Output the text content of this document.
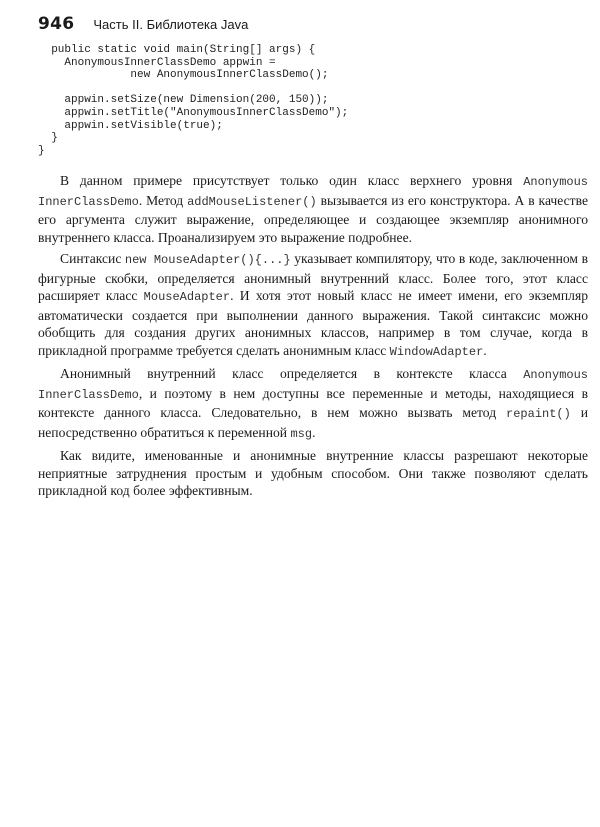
946 Часть II. Библиотека Java
public static void main(String[] args) {
AnonymousInnerClassDemo appwin =
new AnonymousInnerClassDemo();

appwin.setSize(new Dimension(200, 150));
appwin.setTitle("AnonymousInnerClassDemo");
appwin.setVisible(true);
}
}

В данном примере присутствует только один класс верхнего уровня Anonymous InnerClassDemo. Метод addMouseListener() вызывается из его конструктора. А в качестве его аргумента служит выражение, определяющее и создающее экземпляр анонимного внутреннего класса. Проанализируем это выражение подробнее.

Синтаксис new MouseAdapter(){...} указывает компилятору, что в коде, заключенном в фигурные скобки, определяется анонимный внутренний класс. Более того, этот класс расширяет класс MouseAdapter. И хотя этот новый класс не имеет имени, его экземпляр автоматически создается при выполнении данного выражения. Такой синтаксис можно обобщить для создания других анонимных классов, например в том случае, когда в прикладной программе требуется сделать анонимным класс WindowAdapter.

Анонимный внутренний класс определяется в контексте класса Anonymous InnerClassDemo, и поэтому в нем доступны все переменные и методы, находящиеся в контексте данного класса. Следовательно, в нем можно вызвать метод repaint() и непосредственно обратиться к переменной msg.

Как видите, именованные и анонимные внутренние классы разрешают некоторые неприятные затруднения простым и удобным способом. Они также позволяют сделать прикладной код более эффективным.
